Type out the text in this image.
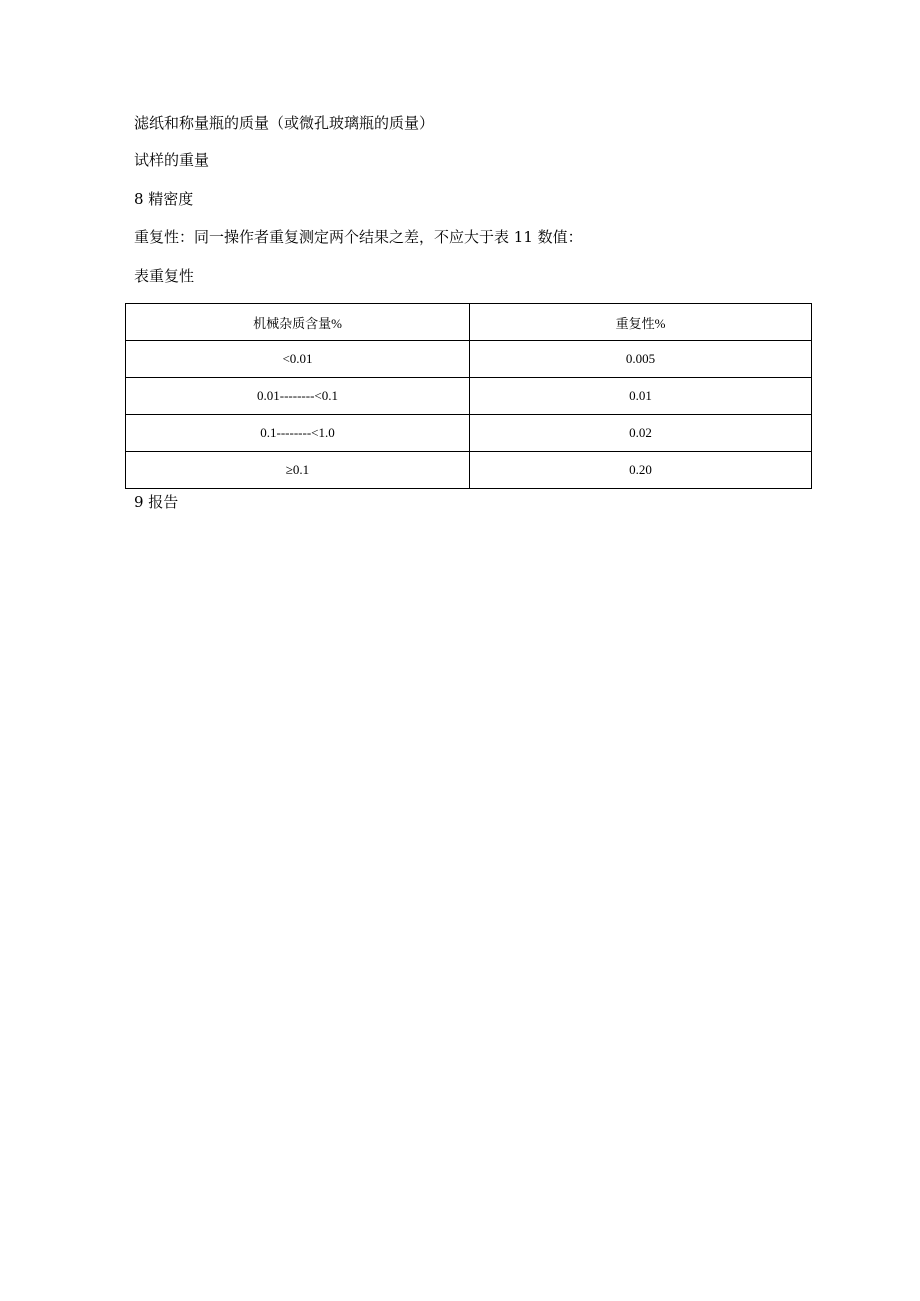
滤纸和称量瓶的质量（或微孔玻璃瓶的质量）
试样的重量
8 精密度
重复性：同一操作者重复测定两个结果之差，不应大于表 11 数值：
表重复性
机械杂质含量%	重复性%
<0.01	0.005
0.01--------<0.1	0.01
0.1--------<1.0	0.02
≥0.1	0.20
9 报告
